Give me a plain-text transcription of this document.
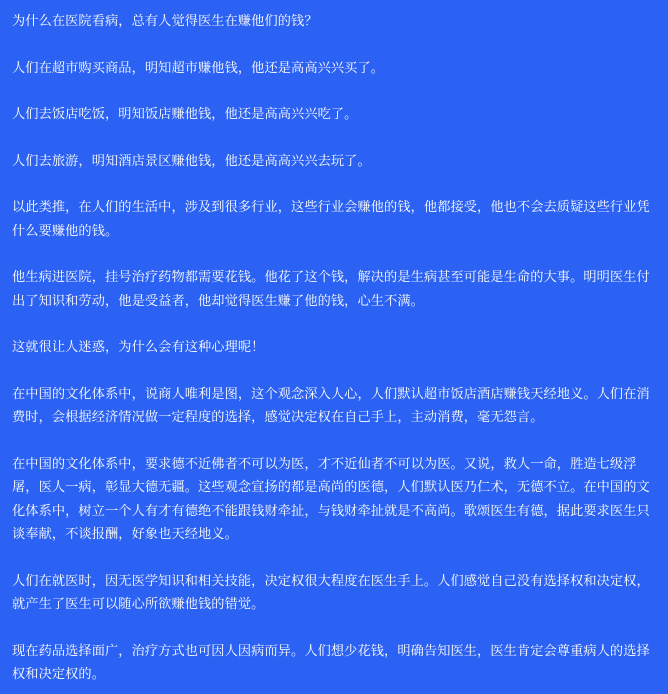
为什么在医院看病，总有人觉得医生在赚他们的钱？

人们在超市购买商品，明知超市赚他钱，他还是高高兴兴买了。

人们去饭店吃饭，明知饭店赚他钱，他还是高高兴兴吃了。

人们去旅游，明知酒店景区赚他钱，他还是高高兴兴去玩了。

以此类推，在人们的生活中，涉及到很多行业，这些行业会赚他的钱，他都接受，他也不会去质疑这些行业凭什么要赚他的钱。

他生病进医院，挂号治疗药物都需要花钱。他花了这个钱，解决的是生病甚至可能是生命的大事。明明医生付出了知识和劳动，他是受益者，他却觉得医生赚了他的钱，心生不满。

这就很让人迷惑，为什么会有这种心理呢！

在中国的文化体系中，说商人唯利是图，这个观念深入人心，人们默认超市饭店酒店赚钱天经地义。人们在消费时，会根据经济情况做一定程度的选择，感觉决定权在自己手上，主动消费，毫无怨言。

在中国的文化体系中，要求德不近佛者不可以为医，才不近仙者不可以为医。又说，救人一命，胜造七级浮屠，医人一病，彰显大德无疆。这些观念宣扬的都是高尚的医德，人们默认医乃仁术，无德不立。在中国的文化体系中，树立一个人有才有德绝不能跟钱财牵扯，与钱财牵扯就是不高尚。歌颂医生有德，据此要求医生只谈奉献，不谈报酬，好象也天经地义。

人们在就医时，因无医学知识和相关技能，决定权很大程度在医生手上。人们感觉自己没有选择权和决定权，就产生了医生可以随心所欲赚他钱的错觉。

现在药品选择面广，治疗方式也可因人因病而异。人们想少花钱，明确告知医生，医生肯定会尊重病人的选择权和决定权的。
